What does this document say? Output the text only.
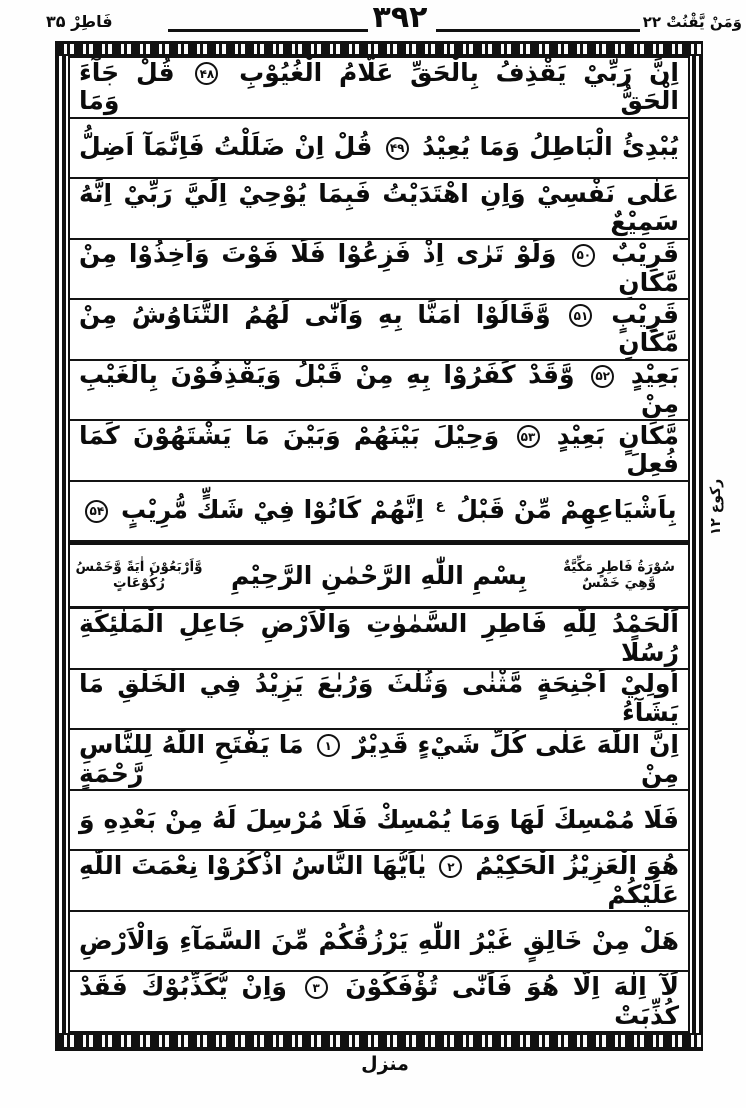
وَمَنْ يَّقْنُتْ ۲۲
۳۹۲
فَاطِرْ ۳۵
اِنَّ رَبِّيْ يَقْذِفُ بِالْحَقِّ عَلَّامُ الْغُيُوْبِ ۴۸ قُلْ جَآءَ الْحَقُّ وَمَا
يُبْدِئُ الْبَاطِلُ وَمَا يُعِيْدُ ۴۹ قُلْ اِنْ ضَلَلْتُ فَاِنَّمَآ اَضِلُّ
عَلٰى نَفْسِيْ وَاِنِ اهْتَدَيْتُ فَبِمَا يُوْحِيْ اِلَيَّ رَبِّيْ اِنَّهُ سَمِيْعٌ
قَرِيْبٌ ۵۰ وَلَوْ تَرٰى اِذْ فَزِعُوْا فَلَا فَوْتَ وَاُخِذُوْا مِنْ مَّكَانٍ
قَرِيْبٍ ۵۱ وَّقَالُوْا اٰمَنَّا بِهِ وَاَنّٰى لَهُمُ التَّنَاوُشُ مِنْ مَّكَانٍ
بَعِيْدٍ ۵۲ وَّقَدْ كَفَرُوْا بِهِ مِنْ قَبْلُ وَيَقْذِفُوْنَ بِالْغَيْبِ مِنْ
مَّكَانٍ بَعِيْدٍ ۵۳ وَحِيْلَ بَيْنَهُمْ وَبَيْنَ مَا يَشْتَهُوْنَ كَمَا فُعِلَ
بِاَشْيَاعِهِمْ مِّنْ قَبْلُ $^ع$ اِنَّهُمْ كَانُوْا فِيْ شَكٍّ مُّرِيْبٍ ۵۴
سُوْرَةُ فَاطِرٍ مَكِّيَّةٌ وَّهِيَ خَمْسٌ
بِسْمِ اللّٰهِ الرَّحْمٰنِ الرَّحِيْمِ
وَّاَرْبَعُوْنَ اٰيَةً وَّخَمْسُ رُكُوْعَاتٍ
اَلْحَمْدُ لِلّٰهِ فَاطِرِ السَّمٰوٰتِ وَالْاَرْضِ جَاعِلِ الْمَلٰئِكَةِ رُسُلًا
اُولِيْ اَجْنِحَةٍ مَّثْنٰى وَثُلٰثَ وَرُبٰعَ يَزِيْدُ فِي الْخَلْقِ مَا يَشَآءُ
اِنَّ اللّٰهَ عَلٰى كُلِّ شَيْءٍ قَدِيْرٌ ۱ مَا يَفْتَحِ اللّٰهُ لِلنَّاسِ مِنْ رَّحْمَةٍ
فَلَا مُمْسِكَ لَهَا وَمَا يُمْسِكْ فَلَا مُرْسِلَ لَهُ مِنْ بَعْدِهِ وَ
هُوَ الْعَزِيْزُ الْحَكِيْمُ ۲ يٰاَيُّهَا النَّاسُ اذْكُرُوْا نِعْمَتَ اللّٰهِ عَلَيْكُمْ
هَلْ مِنْ خَالِقٍ غَيْرُ اللّٰهِ يَرْزُقُكُمْ مِّنَ السَّمَآءِ وَالْاَرْضِ
لَآ اِلٰهَ اِلَّا هُوَ فَاَنّٰى تُؤْفَكُوْنَ ۳ وَاِنْ يُّكَذِّبُوْكَ فَقَدْ كُذِّبَتْ
رکوع ۱۲
منزل
